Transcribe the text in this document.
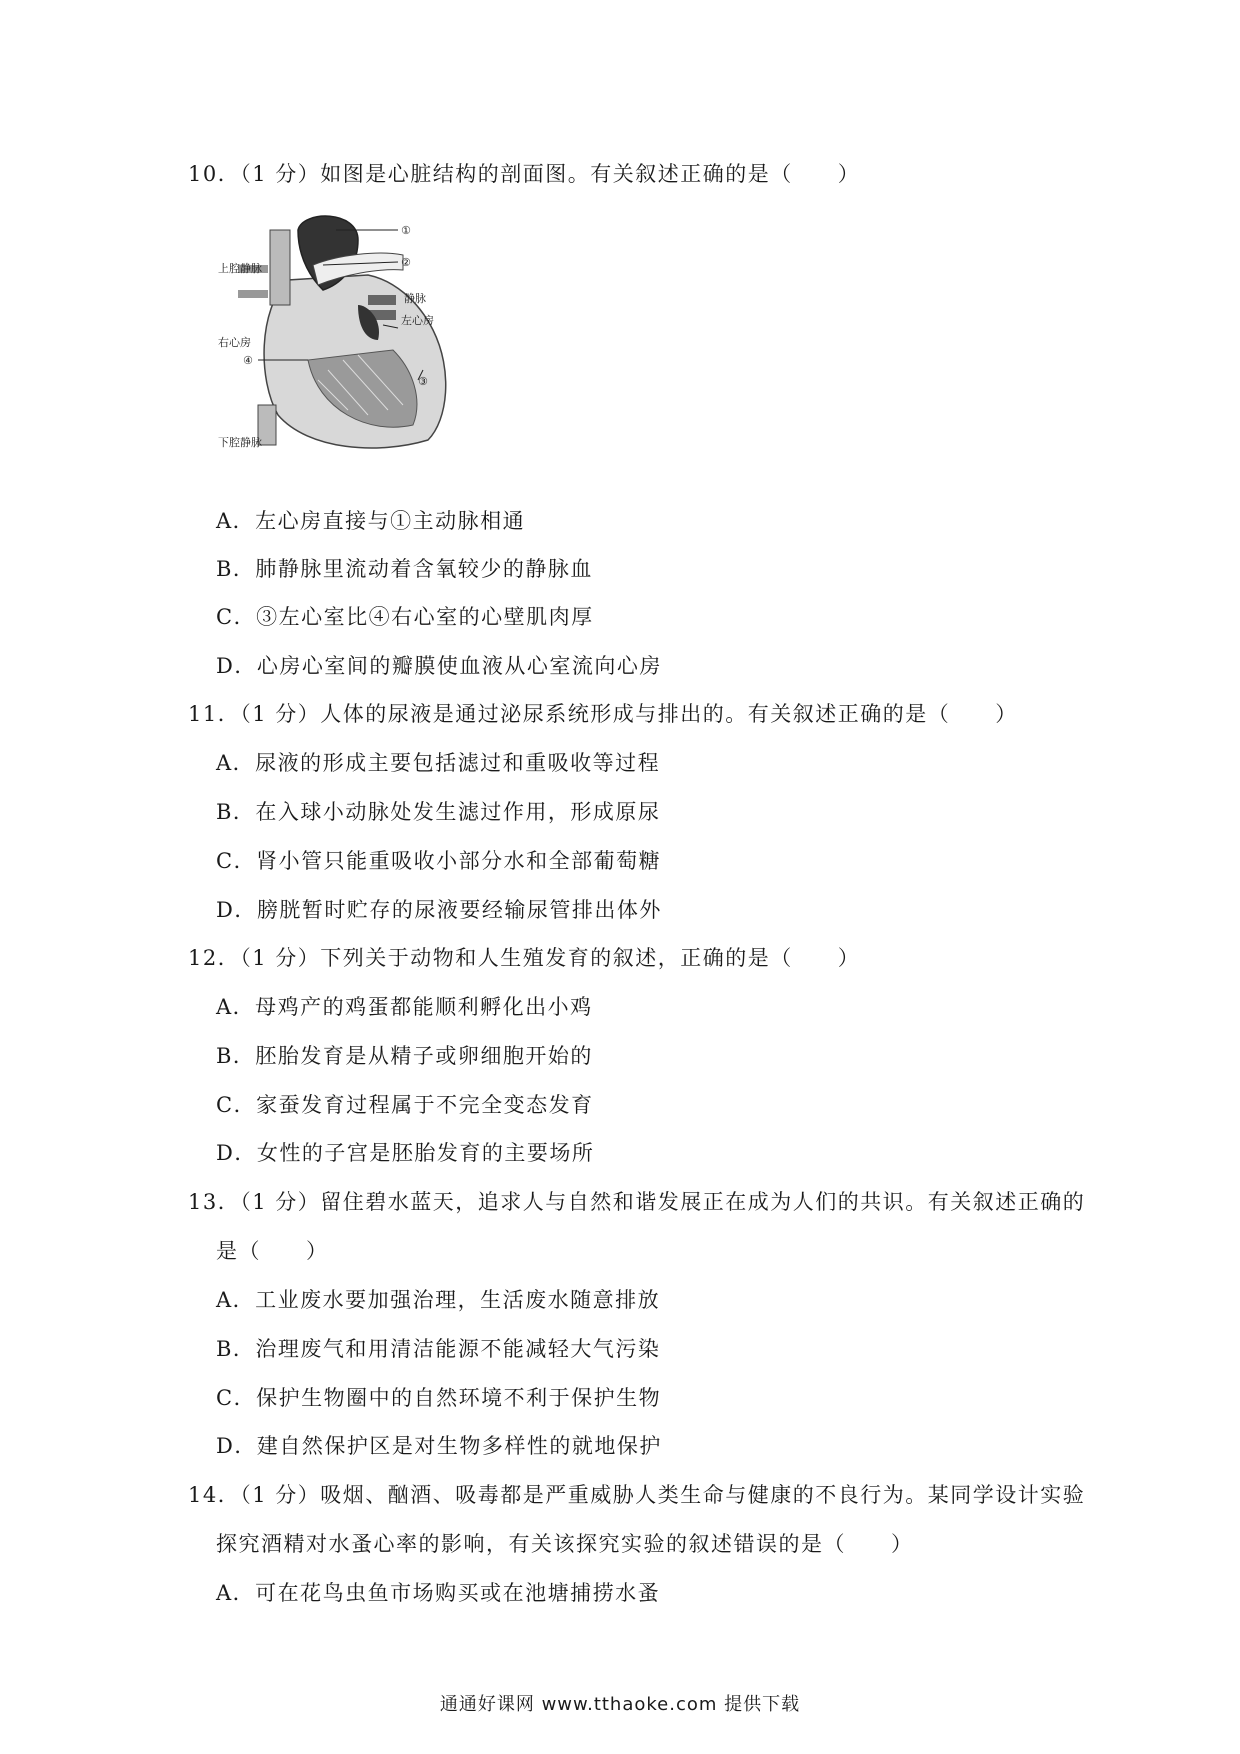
10．（1 分）如图是心脏结构的剖面图。有关叙述正确的是（　　）
①
②
静脉
左心房
③
④
上腔静脉
右心房
下腔静脉
A．左心房直接与①主动脉相通
B．肺静脉里流动着含氧较少的静脉血
C．③左心室比④右心室的心壁肌肉厚
D．心房心室间的瓣膜使血液从心室流向心房
11．（1 分）人体的尿液是通过泌尿系统形成与排出的。有关叙述正确的是（　　）
A．尿液的形成主要包括滤过和重吸收等过程
B．在入球小动脉处发生滤过作用，形成原尿
C．肾小管只能重吸收小部分水和全部葡萄糖
D．膀胱暂时贮存的尿液要经输尿管排出体外
12．（1 分）下列关于动物和人生殖发育的叙述，正确的是（　　）
A．母鸡产的鸡蛋都能顺利孵化出小鸡
B．胚胎发育是从精子或卵细胞开始的
C．家蚕发育过程属于不完全变态发育
D．女性的子宫是胚胎发育的主要场所
13．（1 分）留住碧水蓝天，追求人与自然和谐发展正在成为人们的共识。有关叙述正确的
是（　　）
A．工业废水要加强治理，生活废水随意排放
B．治理废气和用清洁能源不能减轻大气污染
C．保护生物圈中的自然环境不利于保护生物
D．建自然保护区是对生物多样性的就地保护
14．（1 分）吸烟、酗酒、吸毒都是严重威胁人类生命与健康的不良行为。某同学设计实验
探究酒精对水蚤心率的影响，有关该探究实验的叙述错误的是（　　）
A．可在花鸟虫鱼市场购买或在池塘捕捞水蚤
通通好课网 www.tthaoke.com 提供下载
